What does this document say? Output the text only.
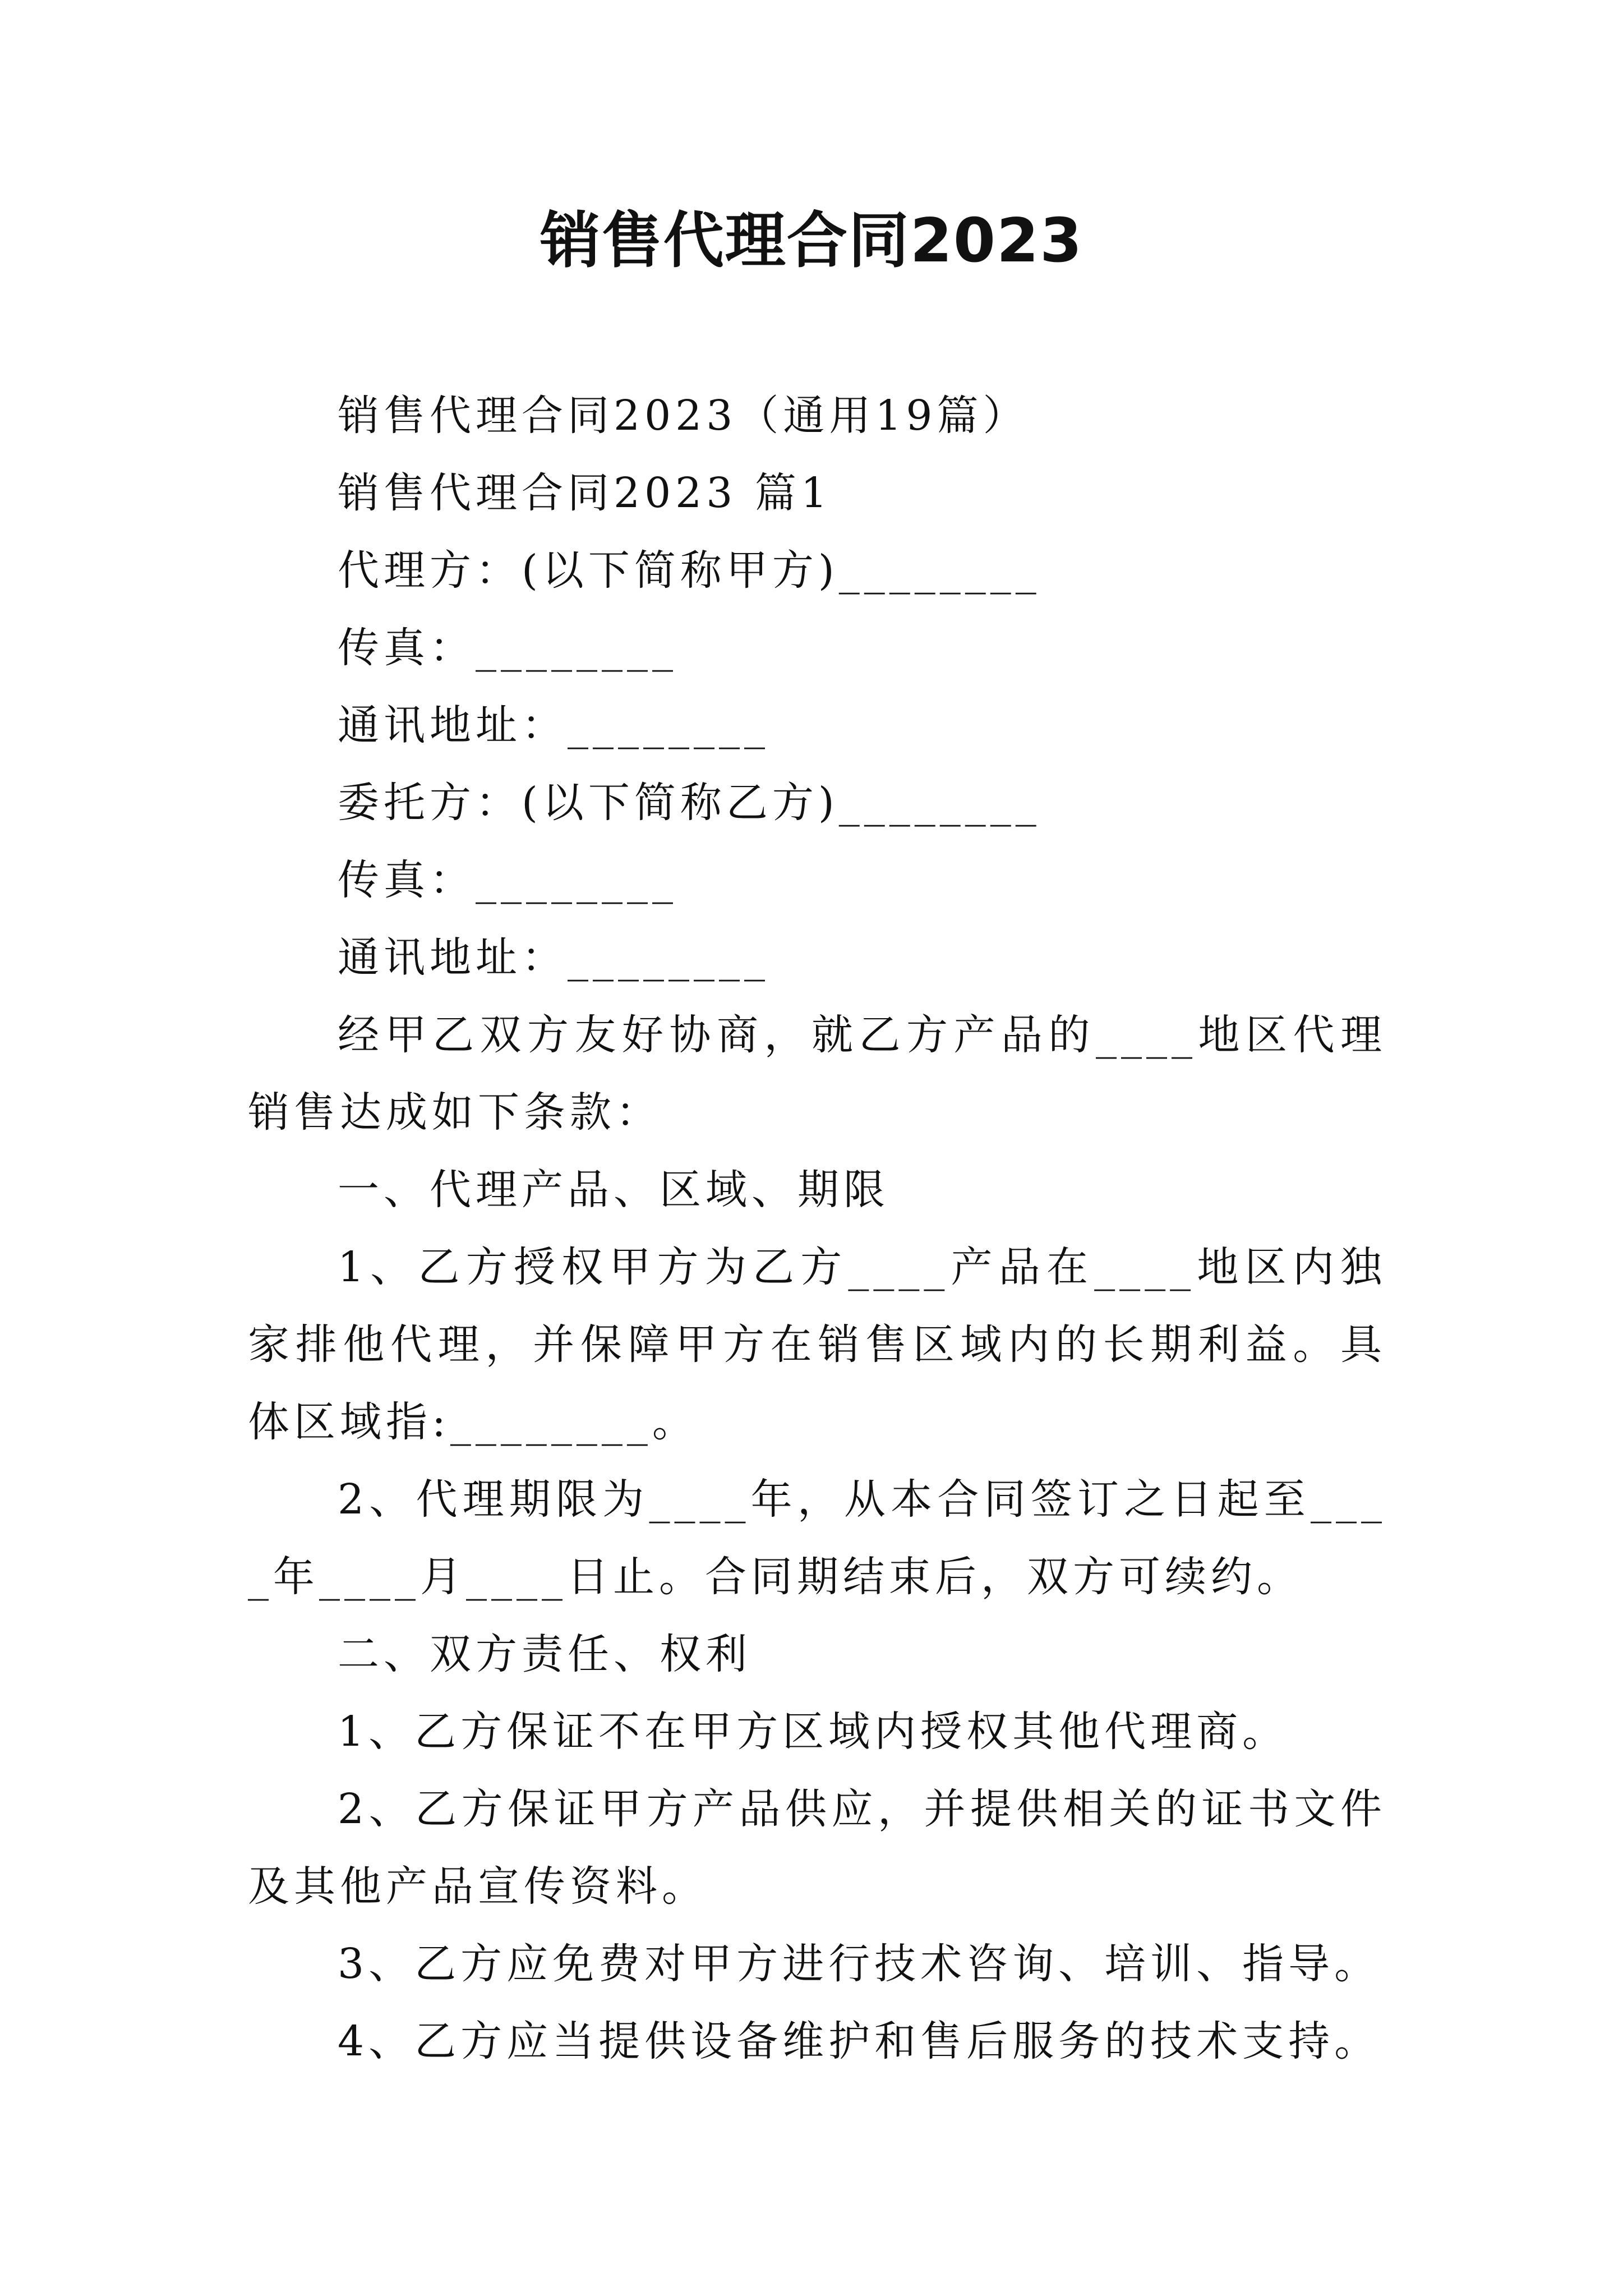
销售代理合同2023

销售代理合同2023（通用19篇）

销售代理合同2023 篇1

代理方：(以下简称甲方)________

传真：________

通讯地址：________

委托方：(以下简称乙方)________

传真：________

通讯地址：________

经甲乙双方友好协商，就乙方产品的____地区代理销售达成如下条款：

一、代理产品、区域、期限

1、乙方授权甲方为乙方____产品在____地区内独家排他代理，并保障甲方在销售区域内的长期利益。具体区域指:________。

2、代理期限为____年，从本合同签订之日起至____年____月____日止。合同期结束后，双方可续约。

二、双方责任、权利

1、乙方保证不在甲方区域内授权其他代理商。

2、乙方保证甲方产品供应，并提供相关的证书文件及其他产品宣传资料。

3、乙方应免费对甲方进行技术咨询、培训、指导。

4、乙方应当提供设备维护和售后服务的技术支持。
